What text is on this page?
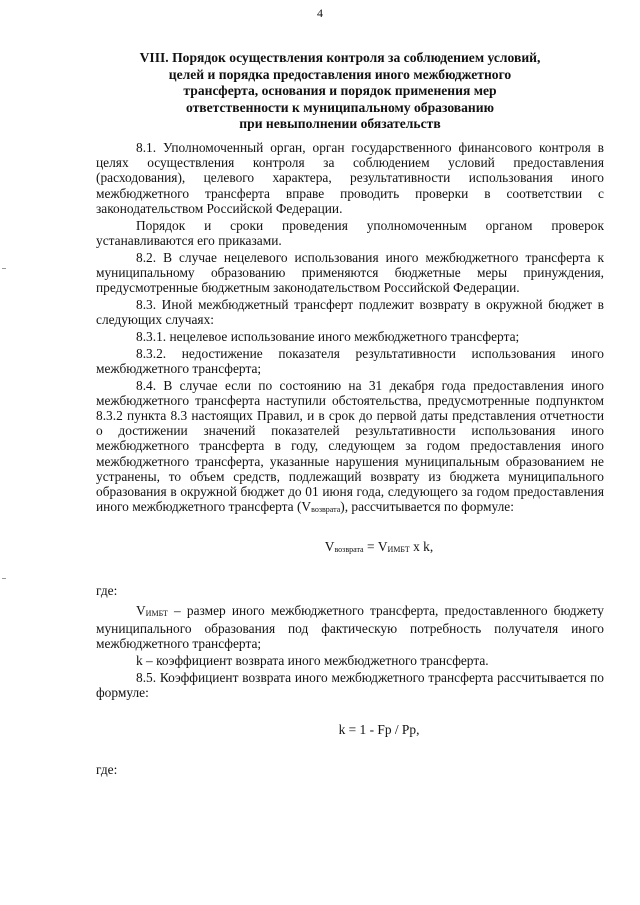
4
VIII. Порядок осуществления контроля за соблюдением условий,
целей и порядка предоставления иного межбюджетного
трансферта, основания и порядок применения мер
ответственности к муниципальному образованию
при невыполнении обязательств

8.1. Уполномоченный орган, орган государственного финансового контроля в целях осуществления контроля за соблюдением условий предоставления (расходования), целевого характера, результативности использования иного межбюджетного трансферта вправе проводить проверки в соответствии с законодательством Российской Федерации.

Порядок и сроки проведения уполномоченным органом проверок устанавливаются его приказами.

8.2. В случае нецелевого использования иного межбюджетного трансферта к муниципальному образованию применяются бюджетные меры принуждения, предусмотренные бюджетным законодательством Российской Федерации.

8.3. Иной межбюджетный трансферт подлежит возврату в окружной бюджет в следующих случаях:

8.3.1. нецелевое использование иного межбюджетного трансферта;

8.3.2. недостижение показателя результативности использования иного межбюджетного трансферта;

8.4. В случае если по состоянию на 31 декабря года предоставления иного межбюджетного трансферта наступили обстоятельства, предусмотренные подпунктом 8.3.2 пункта 8.3 настоящих Правил, и в срок до первой даты представления отчетности о достижении значений показателей результативности использования иного межбюджетного трансферта в году, следующем за годом предоставления иного межбюджетного трансферта, указанные нарушения муниципальным образованием не устранены, то объем средств, подлежащий возврату из бюджета муниципального образования в окружной бюджет до 01 июня года, следующего за годом предоставления иного межбюджетного трансферта $(V_{возврата})$, рассчитывается по формуле:

$V_{возврата} = V_{ИМБТ}$ x k,

где:

$V_{ИМБТ}$ – размер иного межбюджетного трансферта, предоставленного бюджету муниципального образования под фактическую потребность получателя иного межбюджетного трансферта;

k – коэффициент возврата иного межбюджетного трансферта.

8.5. Коэффициент возврата иного межбюджетного трансферта рассчитывается по формуле:

k = 1 - Fp / Pp,

где:
